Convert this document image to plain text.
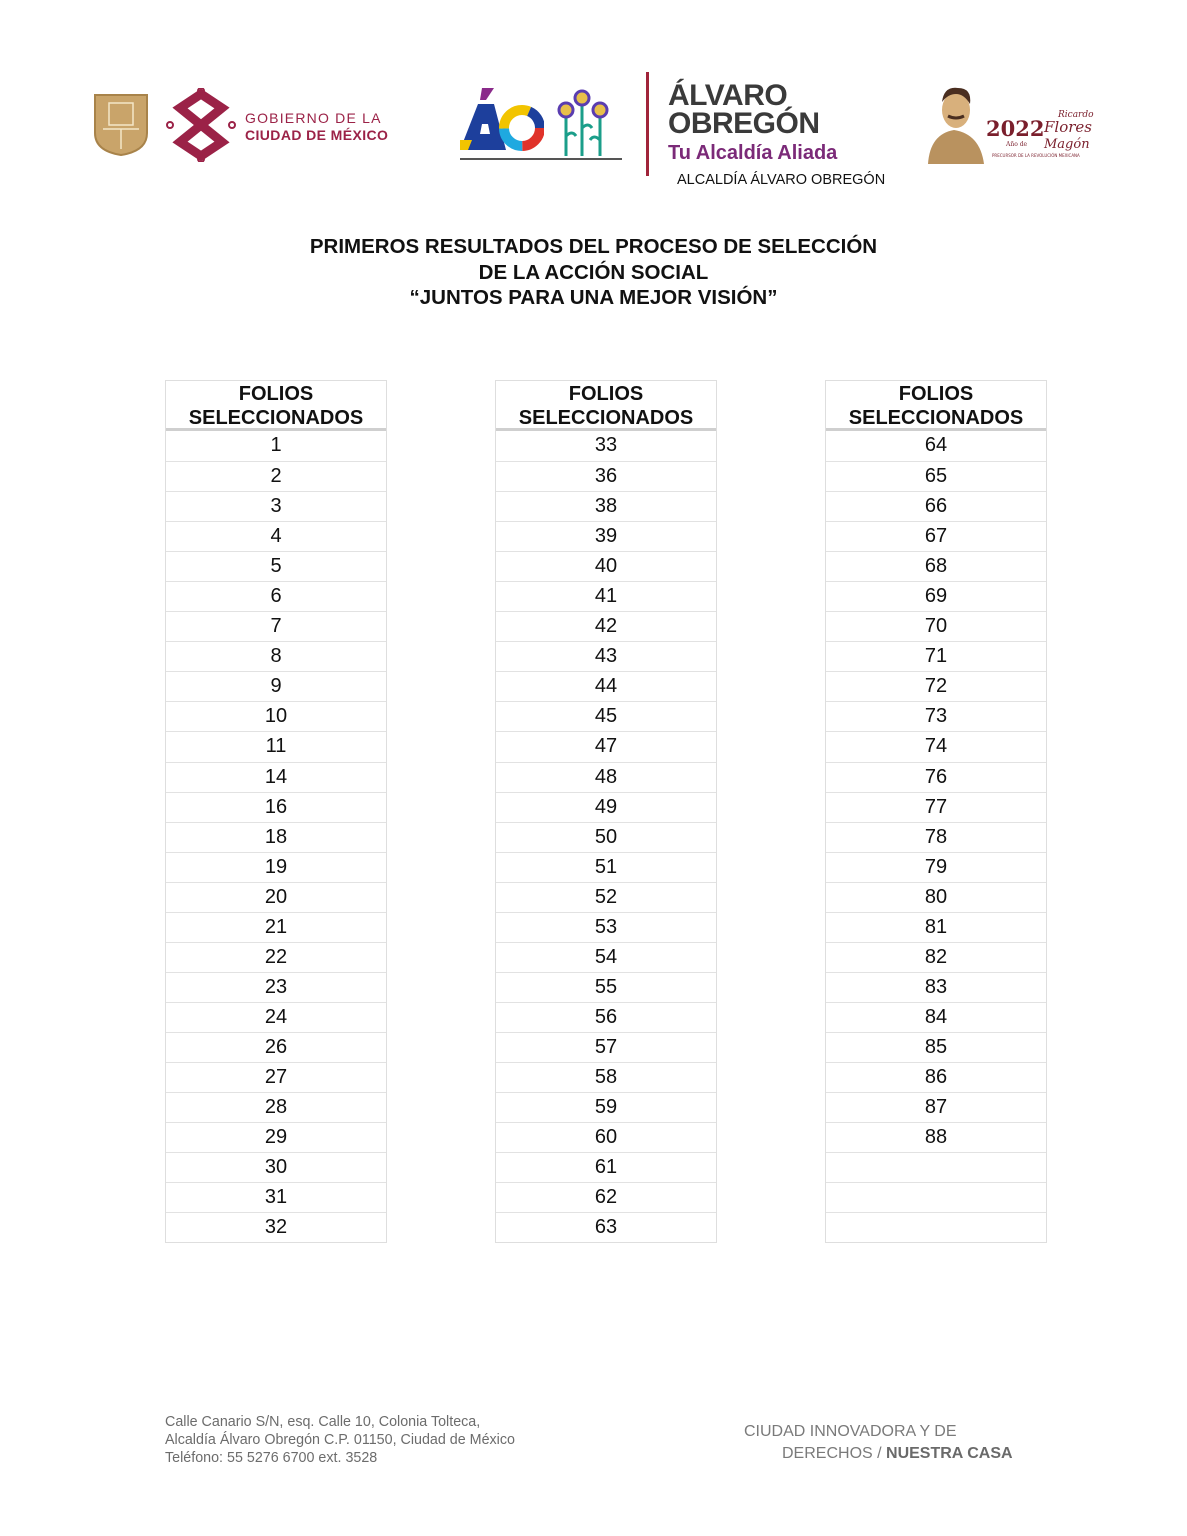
GOBIERNO DE LA
CIUDAD DE MÉXICO
ÁLVARO
OBREGÓN
Tu Alcaldía Aliada
ALCALDÍA ÁLVARO OBREGÓN
Ricardo
2022 Flores
Año de Magón
PRECURSOR DE LA REVOLUCIÓN MEXICANA
PRIMEROS RESULTADOS DEL PROCESO DE SELECCIÓN
DE LA ACCIÓN SOCIAL
“JUNTOS PARA UNA MEJOR VISIÓN”
FOLIOS
SELECCIONADOS
1
2
3
4
5
6
7
8
9
10
11
14
16
18
19
20
21
22
23
24
26
27
28
29
30
31
32
FOLIOS
SELECCIONADOS
33
36
38
39
40
41
42
43
44
45
47
48
49
50
51
52
53
54
55
56
57
58
59
60
61
62
63
FOLIOS
SELECCIONADOS
64
65
66
67
68
69
70
71
72
73
74
76
77
78
79
80
81
82
83
84
85
86
87
88
Calle Canario S/N, esq. Calle 10, Colonia Tolteca,
Alcaldía Álvaro Obregón C.P. 01150, Ciudad de México
Teléfono: 55 5276 6700 ext. 3528
CIUDAD INNOVADORA Y DE
DERECHOS / NUESTRA CASA
